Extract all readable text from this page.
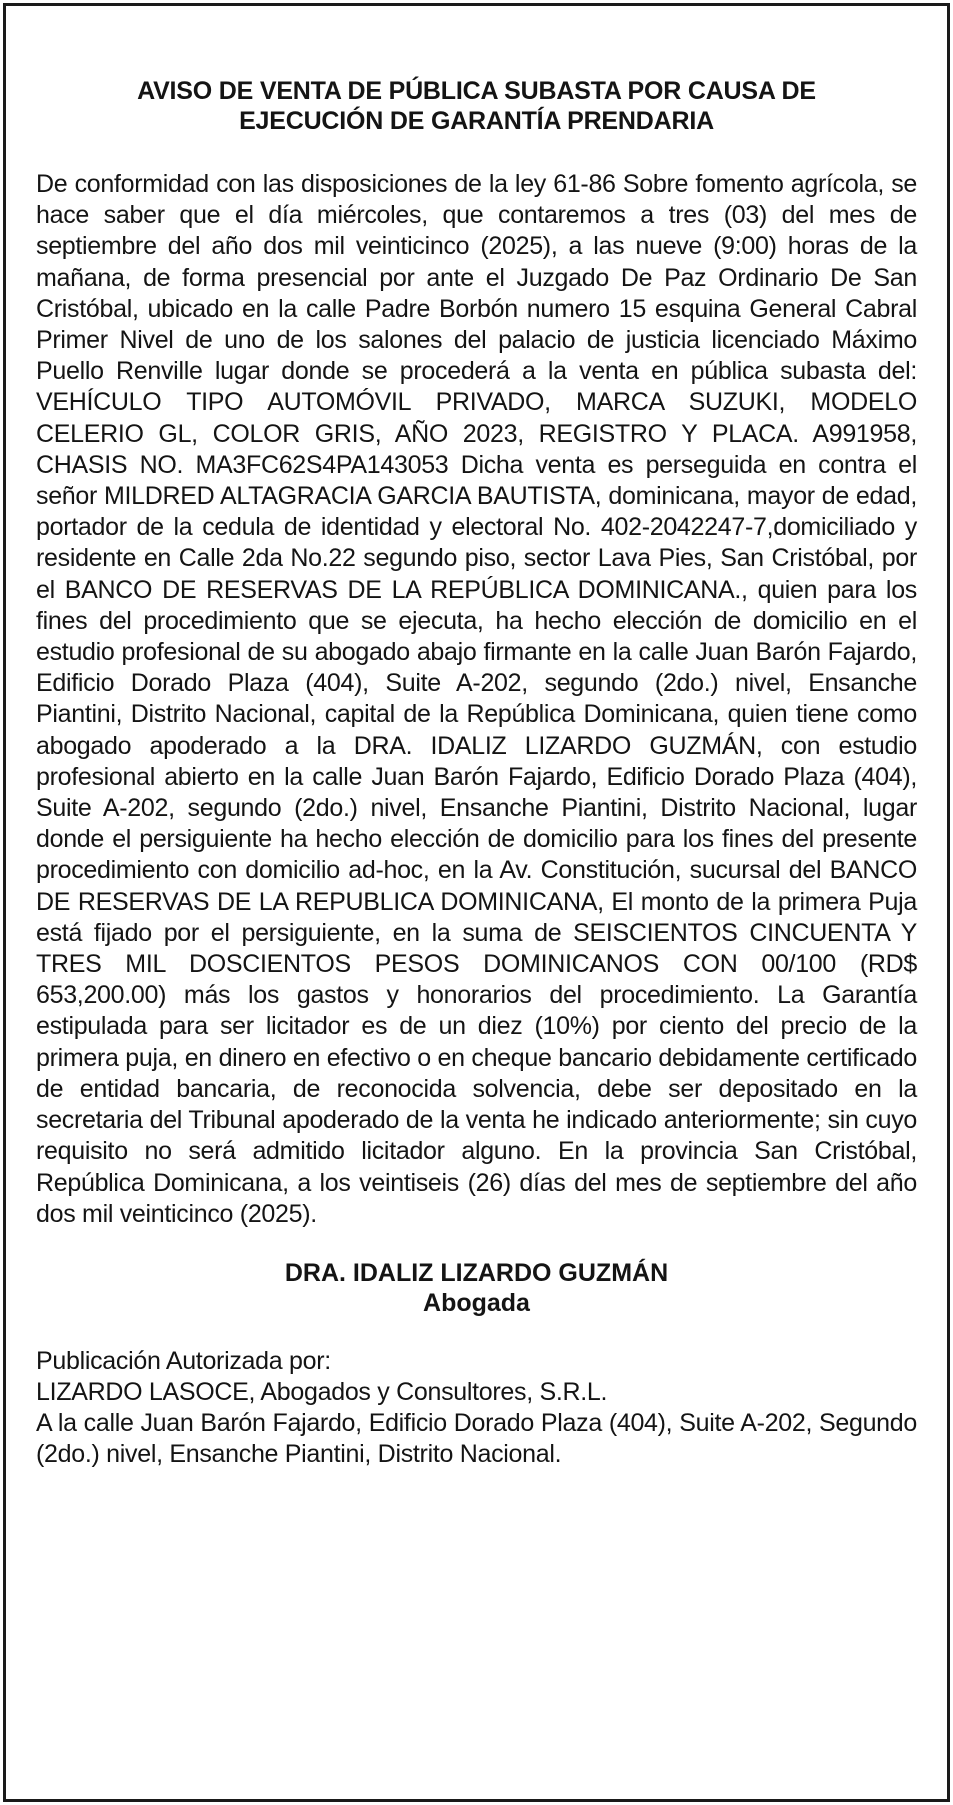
AVISO DE VENTA DE PÚBLICA SUBASTA POR CAUSA DE
EJECUCIÓN DE GARANTÍA PRENDARIA

De conformidad con las disposiciones de la ley 61-86 Sobre fomento agrícola, se hace saber que el día miércoles, que contaremos a tres (03) del mes de septiembre del año dos mil veinticinco (2025), a las nueve (9:00) horas de la mañana, de forma presencial por ante el Juzgado De Paz Ordinario De San Cristóbal, ubicado en la calle Padre Borbón numero 15 esquina General Cabral Primer Nivel de uno de los salones del palacio de justicia licenciado Máximo Puello Renville lugar donde se procederá a la venta en pública subasta del: VEHÍCULO TIPO AUTOMÓVIL PRIVADO, MARCA SUZUKI, MODELO CELERIO GL, COLOR GRIS, AÑO 2023, REGISTRO Y PLACA. A991958, CHASIS NO. MA3FC62S4PA143053 Dicha venta es perseguida en contra el señor MILDRED ALTAGRACIA GARCIA BAUTISTA, dominicana, mayor de edad, portador de la cedula de identidad y electoral No. 402-2042247-7,domiciliado y residente en Calle 2da No.22 segundo piso, sector Lava Pies, San Cristóbal, por el BANCO DE RESERVAS DE LA REPÚBLICA DOMINICANA., quien para los fines del procedimiento que se ejecuta, ha hecho elección de domicilio en el estudio profesional de su abogado abajo firmante en la calle Juan Barón Fajardo, Edificio Dorado Plaza (404), Suite A-202, segundo (2do.) nivel, Ensanche Piantini, Distrito Nacional, capital de la República Dominicana, quien tiene como abogado apoderado a la DRA. IDALIZ LIZARDO GUZMÁN, con estudio profesional abierto en la calle Juan Barón Fajardo, Edificio Dorado Plaza (404), Suite A-202, segundo (2do.) nivel, Ensanche Piantini, Distrito Nacional, lugar donde el persiguiente ha hecho elección de domicilio para los fines del presente procedimiento con domicilio ad-hoc, en la Av. Constitución, sucursal del BANCO DE RESERVAS DE LA REPUBLICA DOMINICANA, El monto de la primera Puja está fijado por el persiguiente, en la suma de SEISCIENTOS CINCUENTA Y TRES MIL DOSCIENTOS PESOS DOMINICANOS CON 00/100 (RD$ 653,200.00) más los gastos y honorarios del procedimiento. La Garantía estipulada para ser licitador es de un diez (10%) por ciento del precio de la primera puja, en dinero en efectivo o en cheque bancario debidamente certificado de entidad bancaria, de reconocida solvencia, debe ser depositado en la secretaria del Tribunal apoderado de la venta he indicado anteriormente; sin cuyo requisito no será admitido licitador alguno. En la provincia San Cristóbal, República Dominicana, a los veintiseis (26) días del mes de septiembre del año dos mil veinticinco (2025).

DRA. IDALIZ LIZARDO GUZMÁN
Abogada
Publicación Autorizada por:
LIZARDO LASOCE, Abogados y Consultores, S.R.L.
A la calle Juan Barón Fajardo, Edificio Dorado Plaza (404), Suite A-202, Segundo (2do.) nivel, Ensanche Piantini, Distrito Nacional.
